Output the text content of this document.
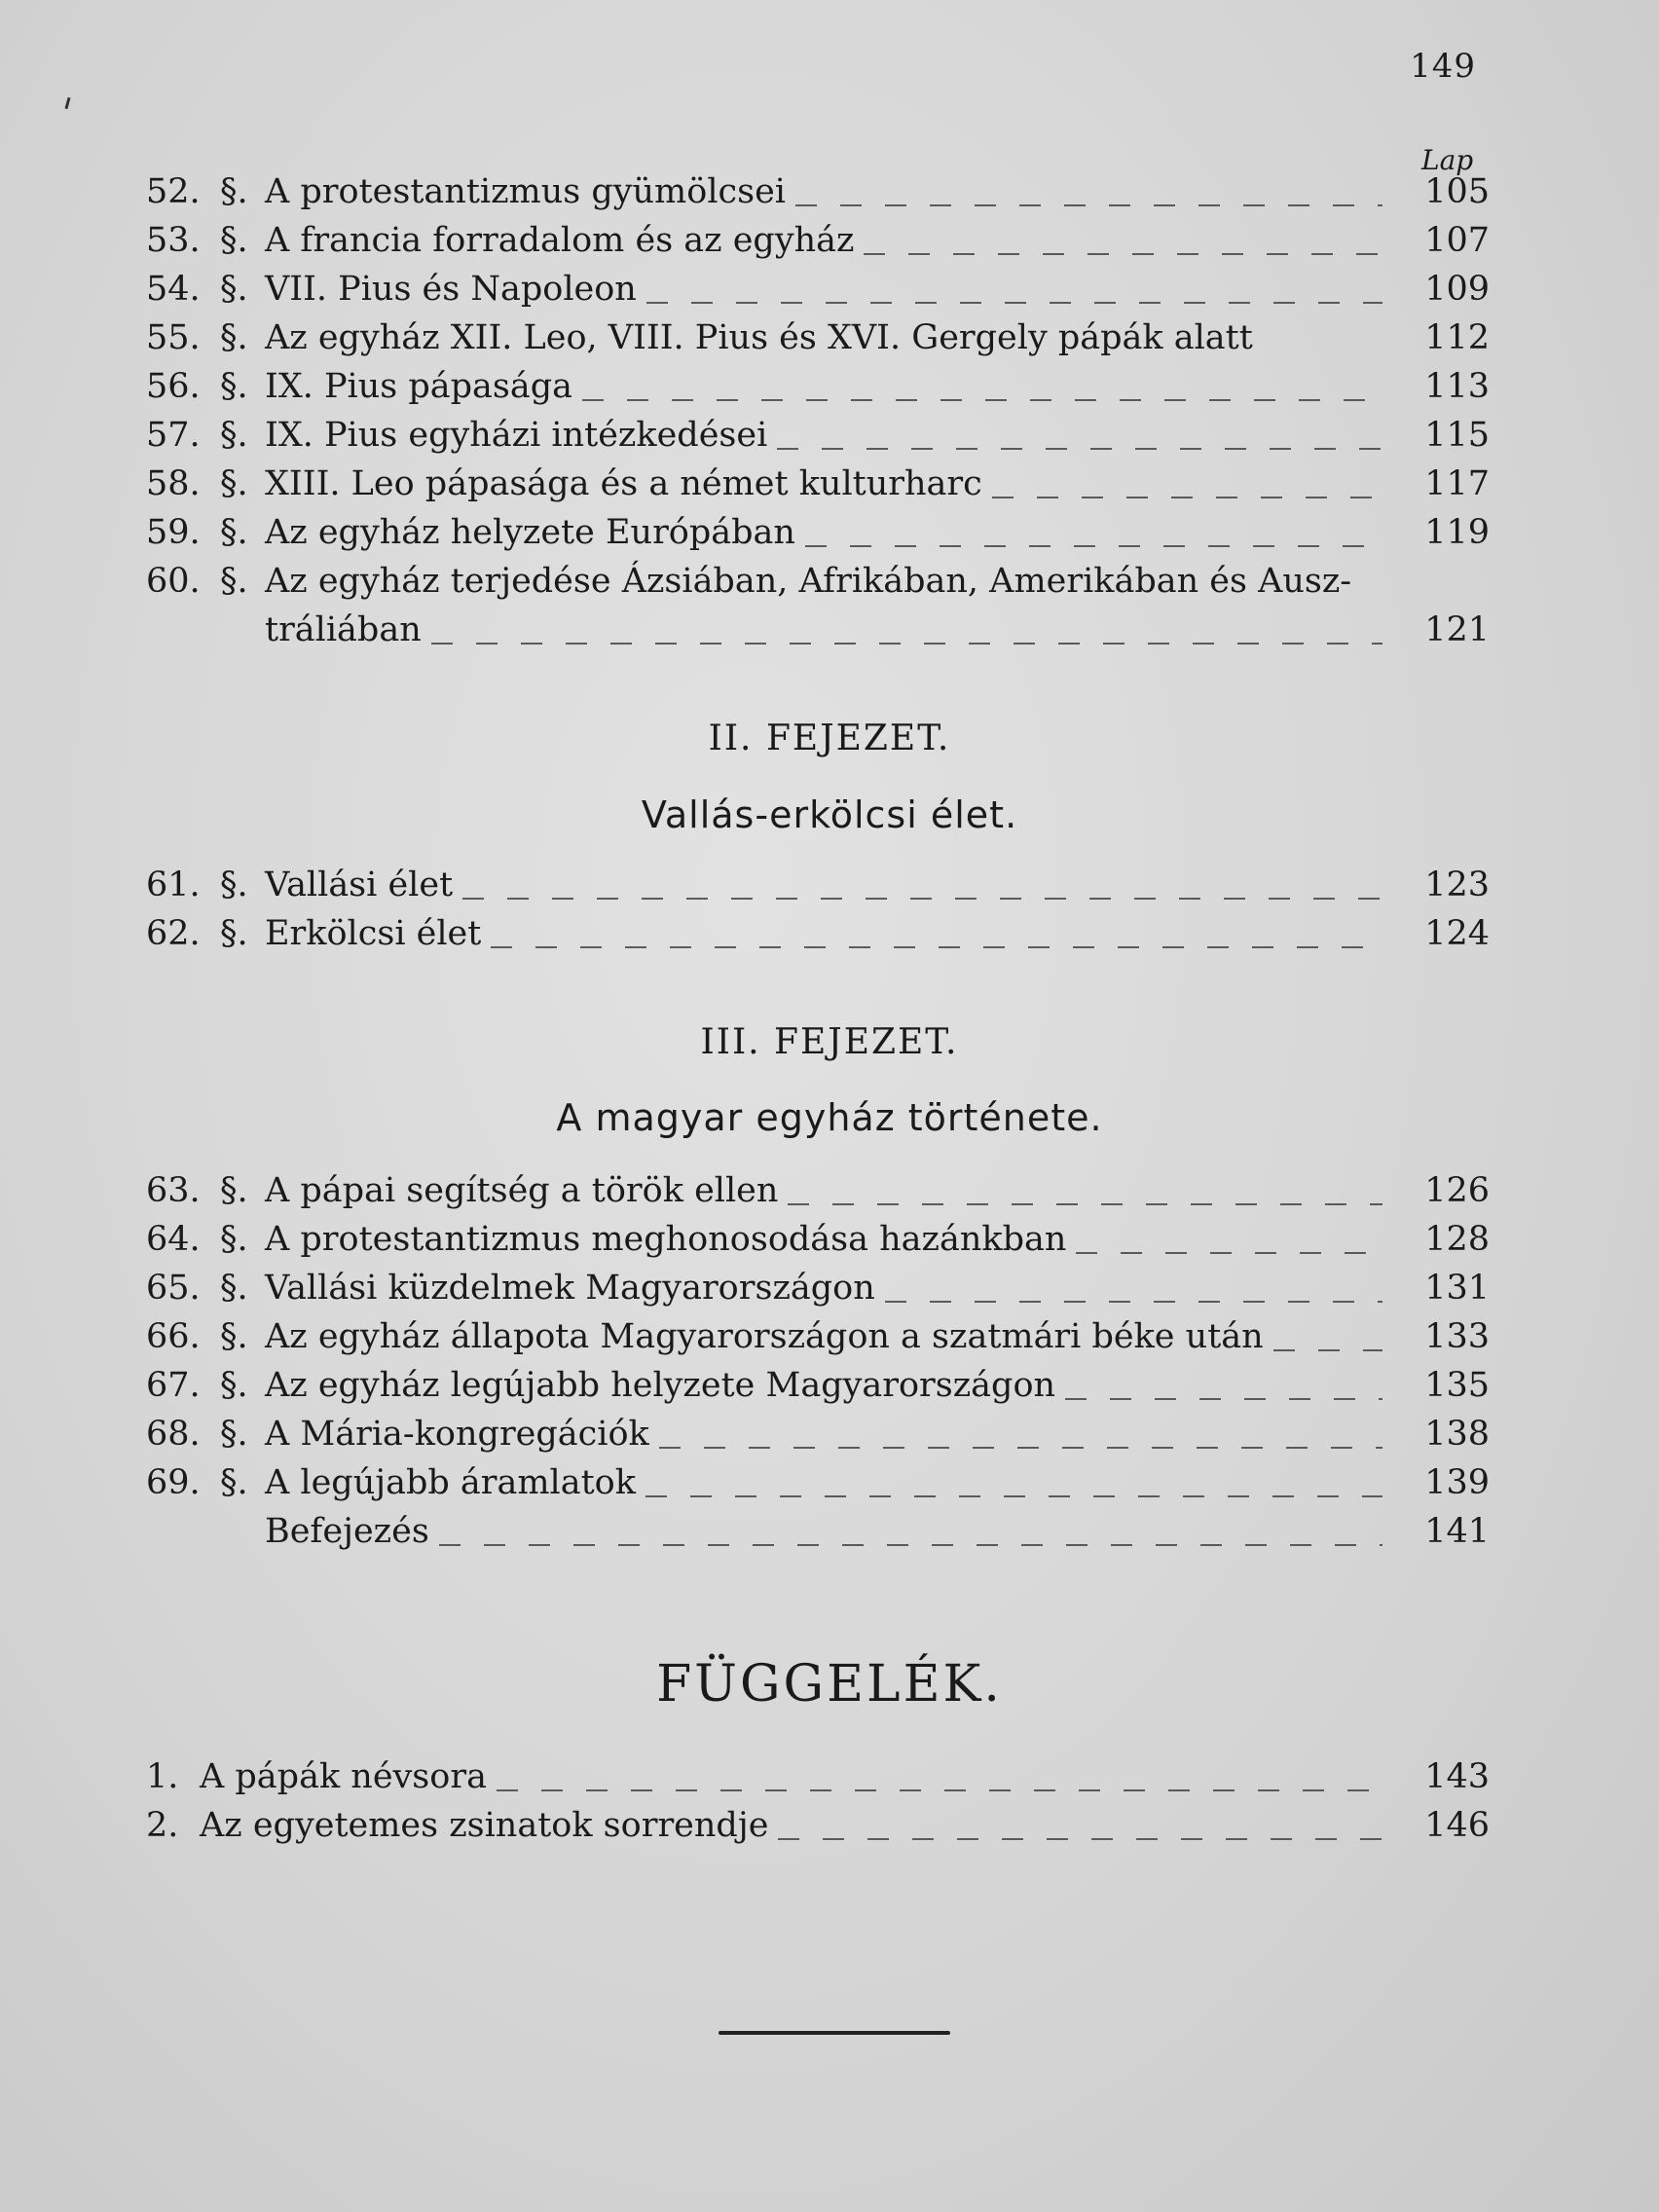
149
Lap
52. §. A protestantizmus gyümölcsei	105
53. §. A francia forradalom és az egyház	107
54. §. VII. Pius és Napoleon	109
55. §. Az egyház XII. Leo, VIII. Pius és XVI. Gergely pápák alatt	112
56. §. IX. Pius pápasága	113
57. §. IX. Pius egyházi intézkedései	115
58. §. XIII. Leo pápasága és a német kulturharc	117
59. §. Az egyház helyzete Európában	119
60. §. Az egyház terjedése Ázsiában, Afrikában, Amerikában és Ausz-
tráliában	121
II. FEJEZET.
Vallás-erkölcsi élet.
61. §. Vallási élet	123
62. §. Erkölcsi élet	124
III. FEJEZET.
A magyar egyház története.
63. §. A pápai segítség a török ellen	126
64. §. A protestantizmus meghonosodása hazánkban	128
65. §. Vallási küzdelmek Magyarországon	131
66. §. Az egyház állapota Magyarországon a szatmári béke után	133
67. §. Az egyház legújabb helyzete Magyarországon	135
68. §. A Mária-kongregációk	138
69. §. A legújabb áramlatok	139
Befejezés	141
FÜGGELÉK.
1. A pápák névsora	143
2. Az egyetemes zsinatok sorrendje	146
